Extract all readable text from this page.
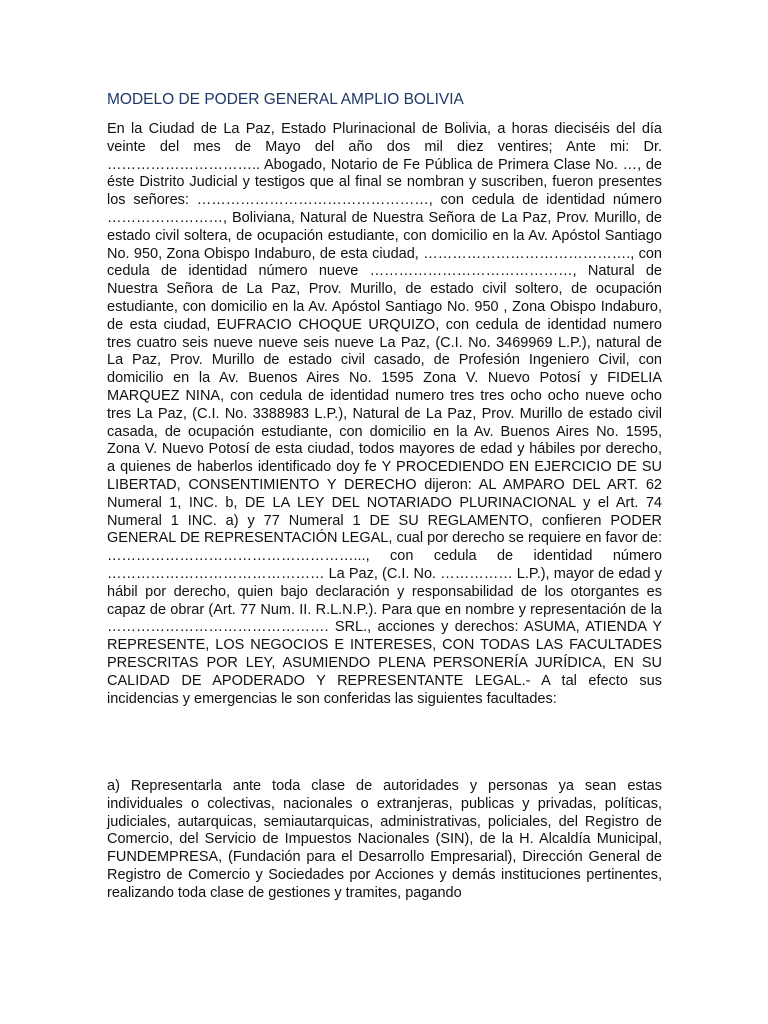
MODELO DE PODER GENERAL AMPLIO BOLIVIA

En la Ciudad de La Paz, Estado Plurinacional de Bolivia, a horas dieciséis del día veinte del mes de Mayo del año dos mil diez ventires; Ante mi: Dr. ………………………….. Abogado, Notario de Fe Pública de Primera Clase No. …, de éste Distrito Judicial y testigos que al final se nombran y suscriben, fueron presentes los señores: …………………………………………, con cedula de identidad número ……………………, Boliviana, Natural de Nuestra Señora de La Paz, Prov. Murillo, de estado civil soltera, de ocupación estudiante, con domicilio en la Av. Apóstol Santiago No. 950, Zona Obispo Indaburo, de esta ciudad, ……………………………………., con cedula de identidad número nueve ……………………………………, Natural de Nuestra Señora de La Paz, Prov. Murillo, de estado civil soltero, de ocupación estudiante, con domicilio en la Av. Apóstol Santiago No. 950 , Zona Obispo Indaburo, de esta ciudad, EUFRACIO CHOQUE URQUIZO, con cedula de identidad numero tres cuatro seis nueve nueve seis nueve La Paz, (C.I. No. 3469969 L.P.), natural de La Paz, Prov. Murillo de estado civil casado, de Profesión Ingeniero Civil, con domicilio en la Av. Buenos Aires No. 1595 Zona V. Nuevo Potosí y FIDELIA MARQUEZ NINA, con cedula de identidad numero tres tres ocho ocho nueve ocho tres La Paz, (C.I. No. 3388983 L.P.), Natural de La Paz, Prov. Murillo de estado civil casada, de ocupación estudiante, con domicilio en la Av. Buenos Aires No. 1595, Zona V. Nuevo Potosí de esta ciudad, todos mayores de edad y hábiles por derecho, a quienes de haberlos identificado doy fe Y PROCEDIENDO EN EJERCICIO DE SU LIBERTAD, CONSENTIMIENTO Y DERECHO dijeron: AL AMPARO DEL ART. 62 Numeral 1, INC. b, DE LA LEY DEL NOTARIADO PLURINACIONAL y el Art. 74 Numeral 1 INC. a) y 77 Numeral 1 DE SU REGLAMENTO, confieren PODER GENERAL DE REPRESENTACIÓN LEGAL, cual por derecho se requiere en favor de: ……………………………………………..., con cedula de identidad número ……………………………………… La Paz, (C.I. No. …………… L.P.), mayor de edad y hábil por derecho, quien bajo declaración y responsabilidad de los otorgantes es capaz de obrar (Art. 77 Num. II. R.L.N.P.). Para que en nombre y representación de la ………………………………………. SRL., acciones y derechos: ASUMA, ATIENDA Y REPRESENTE, LOS NEGOCIOS E INTERESES, CON TODAS LAS FACULTADES PRESCRITAS POR LEY, ASUMIENDO PLENA PERSONERÍA JURÍDICA, EN SU CALIDAD DE APODERADO Y REPRESENTANTE LEGAL.- A tal efecto sus incidencias y emergencias le son conferidas las siguientes facultades:

a) Representarla ante toda clase de autoridades y personas ya sean estas individuales o colectivas, nacionales o extranjeras, publicas y privadas, políticas, judiciales, autarquicas, semiautarquicas, administrativas, policiales, del Registro de Comercio, del Servicio de Impuestos Nacionales (SIN), de la H. Alcaldía Municipal, FUNDEMPRESA, (Fundación para el Desarrollo Empresarial), Dirección General de Registro de Comercio y Sociedades por Acciones y demás instituciones pertinentes, realizando toda clase de gestiones y tramites, pagando
